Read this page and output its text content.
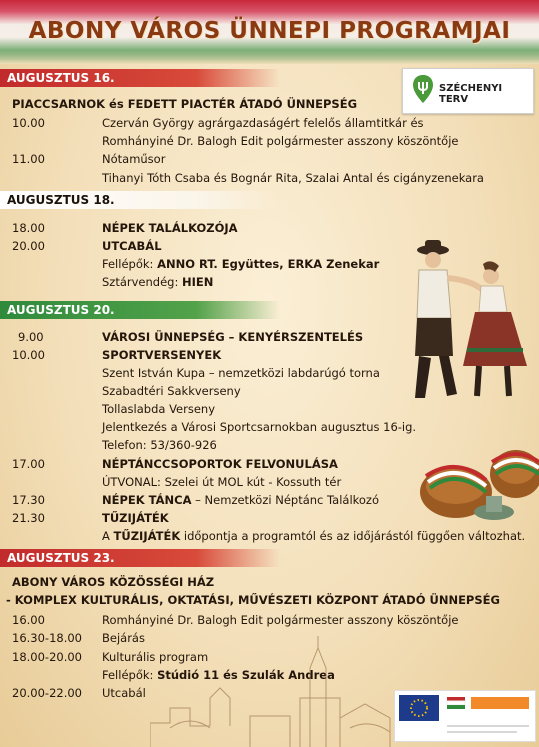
ABONY VÁROS ÜNNEPI PROGRAMJAI
SZÉCHENYI TERV
AUGUSZTUS 16.
PIACCSARNOK és FEDETT PIACTÉR ÁTADÓ ÜNNEPSÉG
10.00	Czerván György agrárgazdaságért felelős államtitkár és
Romhányiné Dr. Balogh Edit polgármester asszony köszöntője
11.00	Nótaműsor
Tihanyi Tóth Csaba és Bognár Rita, Szalai Antal és cigányzenekara
AUGUSZTUS 18.
18.00	NÉPEK TALÁLKOZÓJA
20.00	UTCABÁL
Fellépők: ANNO RT. Együttes, ERKA Zenekar
Sztárvendég: HIEN
AUGUSZTUS 20.
9.00	VÁROSI ÜNNEPSÉG – KENYÉRSZENTELÉS
10.00	SPORTVERSENYEK
Szent István Kupa – nemzetközi labdarúgó torna
Szabadtéri Sakkverseny
Tollaslabda Verseny
Jelentkezés a Városi Sportcsarnokban augusztus 16-ig.
Telefon: 53/360-926
17.00	NÉPTÁNCCSOPORTOK FELVONULÁSA
ÚTVONAL: Szelei út MOL kút - Kossuth tér
17.30	NÉPEK TÁNCA – Nemzetközi Néptánc Találkozó
21.30	TŰZIJÁTÉK
A TŰZIJÁTÉK időpontja a programtól és az időjárástól függően változhat.
AUGUSZTUS 23.
ABONY VÁROS KÖZÖSSÉGI HÁZ
- KOMPLEX KULTURÁLIS, OKTATÁSI, MŰVÉSZETI KÖZPONT ÁTADÓ ÜNNEPSÉG
16.00	Romhányiné Dr. Balogh Edit polgármester asszony köszöntője
16.30-18.00 Bejárás
18.00-20.00 Kulturális program
Fellépők: Stúdió 11 és Szulák Andrea
20.00-22.00 Utcabál
